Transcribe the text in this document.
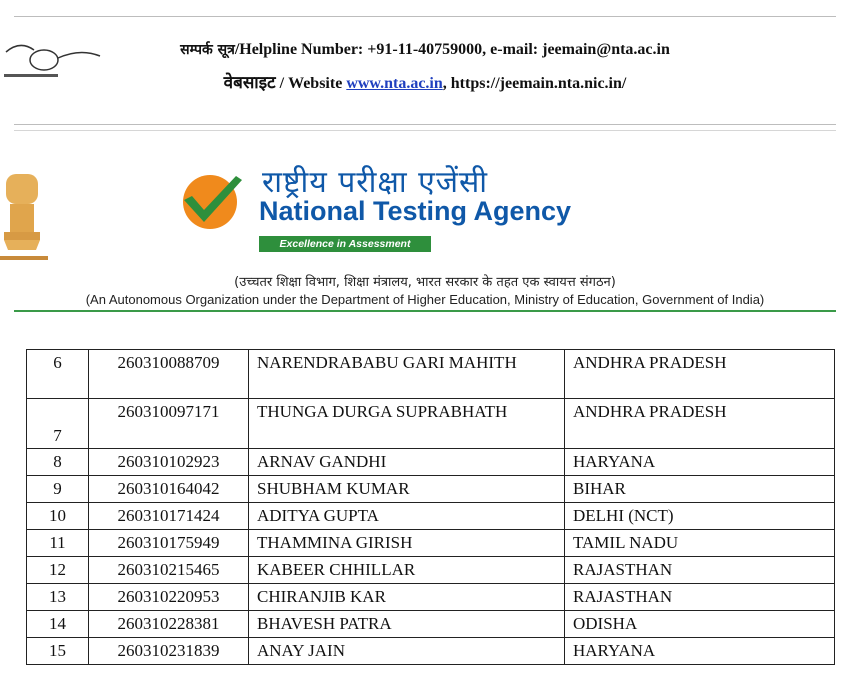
सम्पर्क सूत्र/Helpline Number: +91-11-40759000, e-mail: jeemain@nta.ac.in
वेबसाइट / Website www.nta.ac.in, https://jeemain.nta.nic.in/
राष्ट्रीय परीक्षा एजेंसी
National Testing Agency
Excellence in Assessment
(उच्चतर शिक्षा विभाग, शिक्षा मंत्रालय, भारत सरकार के तहत एक स्वायत्त संगठन)
(An Autonomous Organization under the Department of Higher Education, Ministry of Education, Government of India)
6	260310088709	NARENDRABABU GARI MAHITH	ANDHRA PRADESH
7	260310097171	THUNGA DURGA SUPRABHATH	ANDHRA PRADESH
8	260310102923	ARNAV GANDHI	HARYANA
9	260310164042	SHUBHAM KUMAR	BIHAR
10	260310171424	ADITYA GUPTA	DELHI (NCT)
11	260310175949	THAMMINA GIRISH	TAMIL NADU
12	260310215465	KABEER CHHILLAR	RAJASTHAN
13	260310220953	CHIRANJIB KAR	RAJASTHAN
14	260310228381	BHAVESH PATRA	ODISHA
15	260310231839	ANAY JAIN	HARYANA
